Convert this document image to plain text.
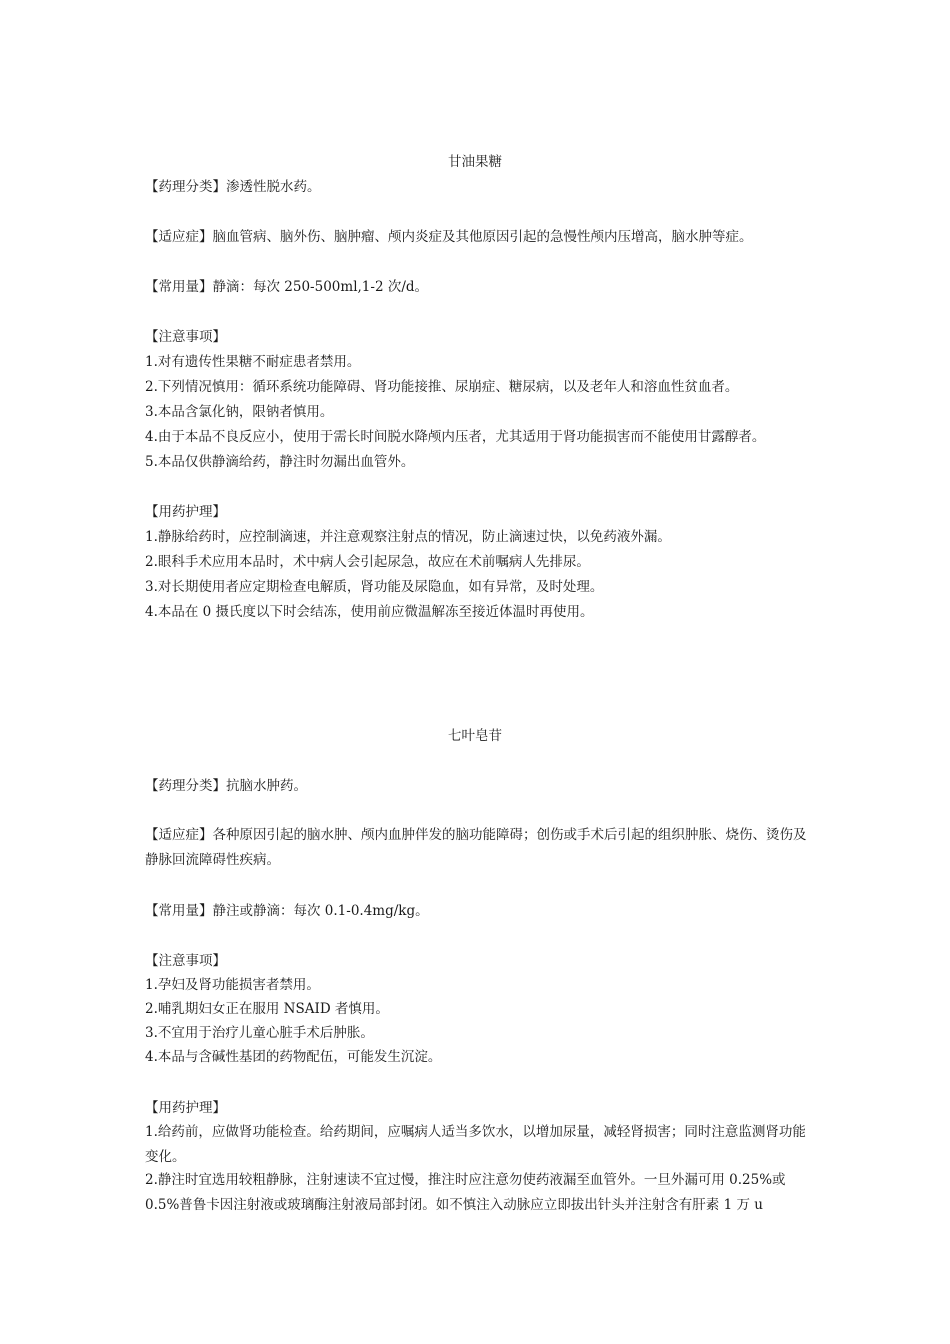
甘油果糖
【药理分类】渗透性脱水药。
【适应症】脑血管病、脑外伤、脑肿瘤、颅内炎症及其他原因引起的急慢性颅内压增高，脑水肿等症。
【常用量】静滴：每次 250-500ml,1-2 次/d。
【注意事项】
1.对有遗传性果糖不耐症患者禁用。
2.下列情况慎用：循环系统功能障碍、肾功能接推、尿崩症、糖尿病，以及老年人和溶血性贫血者。
3.本品含氯化钠，限钠者慎用。
4.由于本品不良反应小，使用于需长时间脱水降颅内压者，尤其适用于肾功能损害而不能使用甘露醇者。
5.本品仅供静滴给药，静注时勿漏出血管外。
【用药护理】
1.静脉给药时，应控制滴速，并注意观察注射点的情况，防止滴速过快，以免药液外漏。
2.眼科手术应用本品时，术中病人会引起尿急，故应在术前嘱病人先排尿。
3.对长期使用者应定期检查电解质，肾功能及尿隐血，如有异常，及时处理。
4.本品在 0 摄氏度以下时会结冻，使用前应微温解冻至接近体温时再使用。
七叶皂苷
【药理分类】抗脑水肿药。
【适应症】各种原因引起的脑水肿、颅内血肿伴发的脑功能障碍；创伤或手术后引起的组织肿胀、烧伤、烫伤及静脉回流障碍性疾病。
【常用量】静注或静滴：每次 0.1-0.4mg/kg。
【注意事项】
1.孕妇及肾功能损害者禁用。
2.哺乳期妇女正在服用 NSAID 者慎用。
3.不宜用于治疗儿童心脏手术后肿胀。
4.本品与含碱性基团的药物配伍，可能发生沉淀。
【用药护理】
1.给药前，应做肾功能检查。给药期间，应嘱病人适当多饮水，以增加尿量，减轻肾损害；同时注意监测肾功能变化。
2.静注时宜选用较粗静脉，注射速读不宜过慢，推注时应注意勿使药液漏至血管外。一旦外漏可用 0.25%或 0.5%普鲁卡因注射液或玻璃酶注射液局部封闭。如不慎注入动脉应立即拔出针头并注射含有肝素 1 万 u
